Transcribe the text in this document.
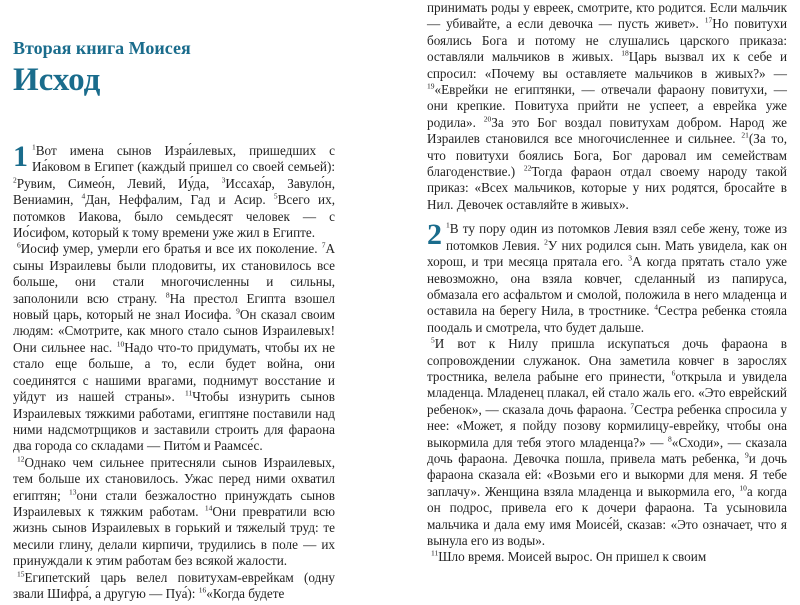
Вторая книга Моисея
Исход
1 $^1$Вот имена сынов Изра́илевых, пришедших с Иа́ковом в Египет (каждый пришел со своей семьей): $^2$Рувим, Симео́н, Левий, Иу́да, $^3$Иссаха́р, Завуло́н, Вениамин, $^4$Дан, Неффалим, Гад и Асир. $^5$Всего их, потомков Иакова, было семьдесят человек — с Ио́сифом, который к тому времени уже жил в Египте.
$^6$Иосиф умер, умерли его братья и все их поколение. $^7$А сыны Израилевы были плодовиты, их становилось все больше, они стали многочисленны и сильны, заполонили всю страну. $^8$На престол Египта взошел новый царь, который не знал Иосифа. $^9$Он сказал своим людям: «Смотрите, как много стало сынов Израилевых! Они сильнее нас. $^{10}$Надо что-то придумать, чтобы их не стало еще больше, а то, если будет война, они соединятся с нашими врагами, поднимут восстание и уйдут из нашей страны». $^{11}$Чтобы изнурить сынов Израилевых тяжкими работами, египтяне поставили над ними надсмотрщиков и заставили строить для фараона два города со складами — Пито́м и Раамсе́с.
$^{12}$Однако чем сильнее притесняли сынов Израилевых, тем больше их становилось. Ужас перед ними охватил египтян; $^{13}$они стали безжалостно принуждать сынов Израилевых к тяжким работам. $^{14}$Они превратили всю жизнь сынов Израилевых в горький и тяжелый труд: те месили глину, делали кирпичи, трудились в поле — их принуждали к этим работам без всякой жалости.
$^{15}$Египетский царь велел повитухам-еврейкам (одну звали Шифра́, а другую — Пуа́): $^{16}$«Когда будете
принимать роды у евреек, смотрите, кто родится. Если мальчик — убивайте, а если девочка — пусть живет». $^{17}$Но повитухи боялись Бога и потому не слушались царского приказа: оставляли мальчиков в живых. $^{18}$Царь вызвал их к себе и спросил: «Почему вы оставляете мальчиков в живых?» — $^{19}$«Еврейки не египтянки, — отвечали фараону повитухи, — они крепкие. Повитуха прийти не успеет, а еврейка уже родила». $^{20}$За это Бог воздал повитухам добром. Народ же Израилев становился все многочисленнее и сильнее. $^{21}$(За то, что повитухи боялись Бога, Бог даровал им семействам благоденствие.) $^{22}$Тогда фараон отдал своему народу такой приказ: «Всех мальчиков, которые у них родятся, бросайте в Нил. Девочек оставляйте в живых».
2 $^1$В ту пору один из потомков Левия взял себе жену, тоже из потомков Левия. $^2$У них родился сын. Мать увидела, как он хорош, и три месяца прятала его. $^3$А когда прятать стало уже невозможно, она взяла ковчег, сделанный из папируса, обмазала его асфальтом и смолой, положила в него младенца и оставила на берегу Нила, в тростнике. $^4$Сестра ребенка стояла поодаль и смотрела, что будет дальше.
$^5$И вот к Нилу пришла искупаться дочь фараона в сопровождении служанок. Она заметила ковчег в зарослях тростника, велела рабыне его принести, $^6$открыла и увидела младенца. Младенец плакал, ей стало жаль его. «Это еврейский ребенок», — сказала дочь фараона. $^7$Сестра ребенка спросила у нее: «Может, я пойду позову кормилицу-еврейку, чтобы она выкормила для тебя этого младенца?» — $^8$«Сходи», — сказала дочь фараона. Девочка пошла, привела мать ребенка, $^9$и дочь фараона сказала ей: «Возьми его и выкорми для меня. Я тебе заплачу». Женщина взяла младенца и выкормила его, $^{10}$а когда он подрос, привела его к дочери фараона. Та усыновила мальчика и дала ему имя Моисе́й, сказав: «Это означает, что я вынула его из воды».
$^{11}$Шло время. Моисей вырос. Он пришел к своим
